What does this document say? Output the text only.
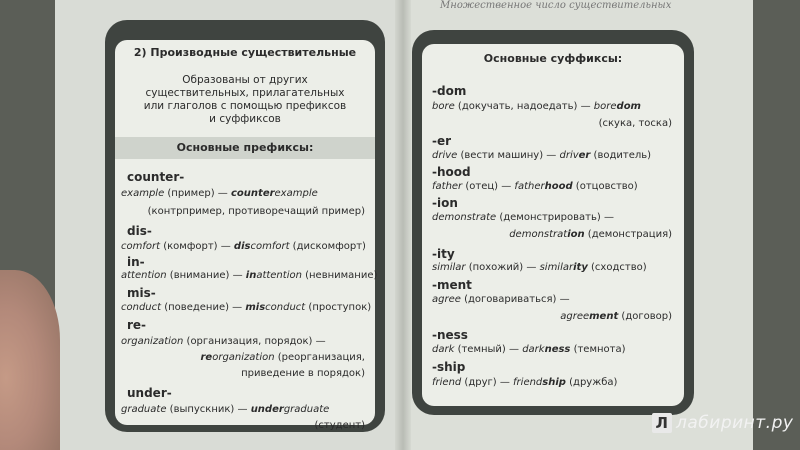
Множественное число существительных
2) Производные существительные
Образованы от других
существительных, прилагательных
или глаголов с помощью префиксов
и суффиксов
Основные префиксы:
counter-
example (пример) — counterexample
(контрпример, противоречащий пример)
dis-
comfort (комфорт) — discomfort (дискомфорт)
in-
attention (внимание) — inattention (невнимание)
mis-
conduct (поведение) — misconduct (проступок)
re-
organization (организация, порядок) —
reorganization (реорганизация,
приведение в порядок)
under-
graduate (выпускник) — undergraduate
(студент)
Основные суффиксы:
-dom
bore (докучать, надоедать) — boredom
(скука, тоска)
-er
drive (вести машину) — driver (водитель)
-hood
father (отец) — fatherhood (отцовство)
-ion
demonstrate (демонстрировать) —
demonstration (демонстрация)
-ity
similar (похожий) — similarity (сходство)
-ment
agree (договариваться) —
agreement (договор)
-ness
dark (темный) — darkness (темнота)
-ship
friend (друг) — friendship (дружба)
Л лабиринт.ру
